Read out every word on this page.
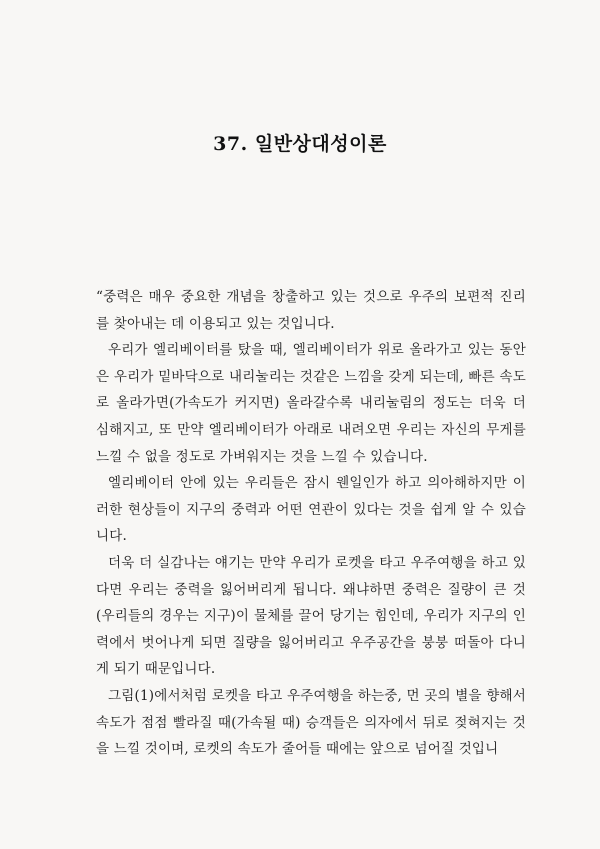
37. 일반상대성이론

“중력은 매우 중요한 개념을 창출하고 있는 것으로 우주의 보편적 진리를 찾아내는 데 이용되고 있는 것입니다.

우리가 엘리베이터를 탔을 때, 엘리베이터가 위로 올라가고 있는 동안은 우리가 밑바닥으로 내리눌리는 것같은 느낌을 갖게 되는데, 빠른 속도로 올라가면(가속도가 커지면) 올라갈수록 내리눌림의 정도는 더욱 더 심해지고, 또 만약 엘리베이터가 아래로 내려오면 우리는 자신의 무게를 느낄 수 없을 정도로 가벼워지는 것을 느낄 수 있습니다.

엘리베이터 안에 있는 우리들은 잠시 웬일인가 하고 의아해하지만 이러한 현상들이 지구의 중력과 어떤 연관이 있다는 것을 쉽게 알 수 있습니다.

더욱 더 실감나는 얘기는 만약 우리가 로켓을 타고 우주여행을 하고 있다면 우리는 중력을 잃어버리게 됩니다. 왜냐하면 중력은 질량이 큰 것(우리들의 경우는 지구)이 물체를 끌어 당기는 힘인데, 우리가 지구의 인력에서 벗어나게 되면 질량을 잃어버리고 우주공간을 붕붕 떠돌아 다니게 되기 때문입니다.

그림(1)에서처럼 로켓을 타고 우주여행을 하는중, 먼 곳의 별을 향해서 속도가 점점 빨라질 때(가속될 때) 승객들은 의자에서 뒤로 젖혀지는 것을 느낄 것이며, 로켓의 속도가 줄어들 때에는 앞으로 넘어질 것입니
